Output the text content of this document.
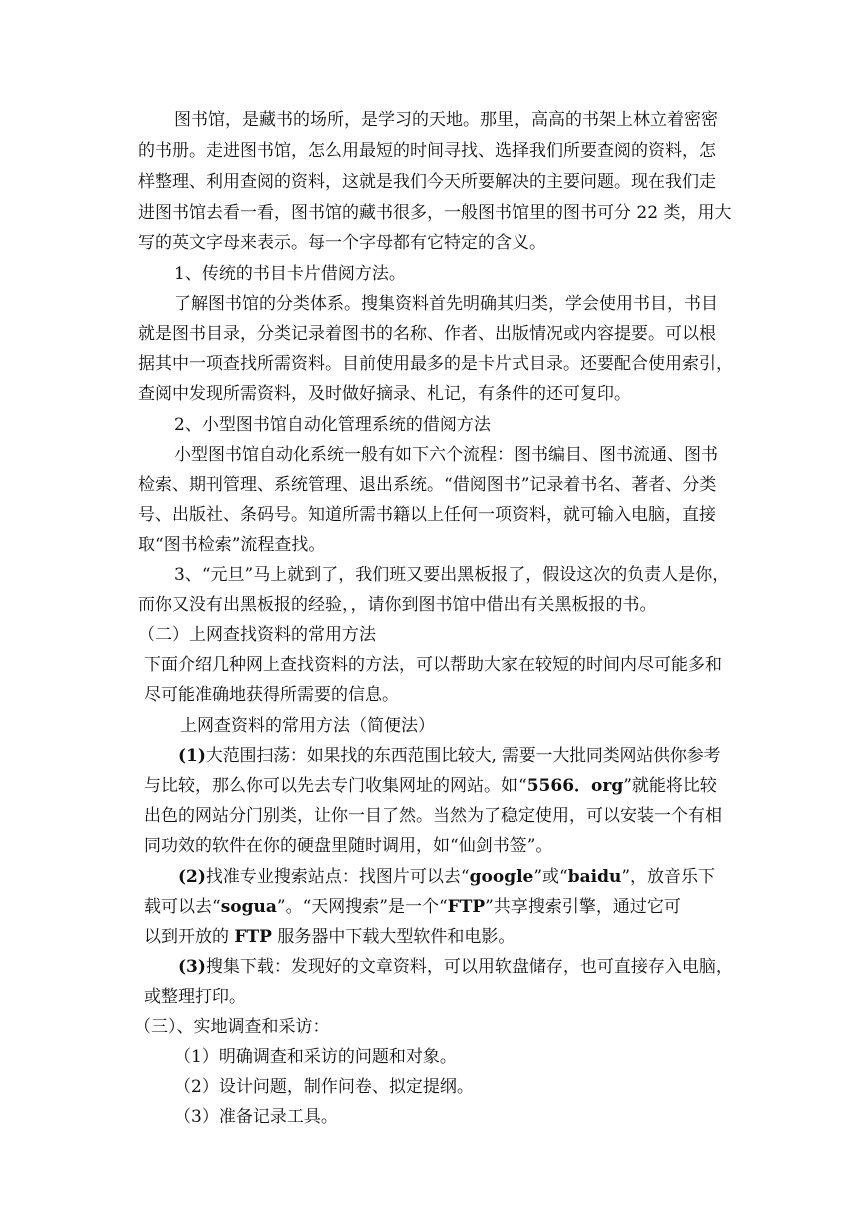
图书馆，是藏书的场所，是学习的天地。那里，高高的书架上林立着密密
的书册。走进图书馆，怎么用最短的时间寻找、选择我们所要查阅的资料，怎
样整理、利用查阅的资料，这就是我们今天所要解决的主要问题。现在我们走
进图书馆去看一看，图书馆的藏书很多，一般图书馆里的图书可分 22 类，用大
写的英文字母来表示。每一个字母都有它特定的含义。
1、传统的书目卡片借阅方法。
了解图书馆的分类体系。搜集资料首先明确其归类，学会使用书目，书目
就是图书目录，分类记录着图书的名称、作者、出版情况或内容提要。可以根
据其中一项查找所需资料。目前使用最多的是卡片式目录。还要配合使用索引，
查阅中发现所需资料，及时做好摘录、札记，有条件的还可复印。
2、小型图书馆自动化管理系统的借阅方法
小型图书馆自动化系统一般有如下六个流程：图书编目、图书流通、图书
检索、期刊管理、系统管理、退出系统。“借阅图书”记录着书名、著者、分类
号、出版社、条码号。知道所需书籍以上任何一项资料，就可输入电脑，直接
取“图书检索”流程查找。
3、“元旦”马上就到了，我们班又要出黑板报了，假设这次的负责人是你，
而你又没有出黑板报的经验，，请你到图书馆中借出有关黑板报的书。
（二）上网查找资料的常用方法
下面介绍几种网上查找资料的方法，可以帮助大家在较短的时间内尽可能多和
尽可能准确地获得所需要的信息。
上网查资料的常用方法（简便法）
(1)大范围扫荡：如果找的东西范围比较大, 需要一大批同类网站供你参考
与比较，那么你可以先去专门收集网址的网站。如“5566．org”就能将比较
出色的网站分门别类，让你一目了然。当然为了稳定使用，可以安装一个有相
同功效的软件在你的硬盘里随时调用，如“仙剑书签”。
(2)找准专业搜索站点：找图片可以去“google”或“baidu”，放音乐下
载可以去“sogua”。“天网搜索”是一个“FTP”共享搜索引擎，通过它可
以到开放的 FTP 服务器中下载大型软件和电影。
(3)搜集下载：发现好的文章资料，可以用软盘储存，也可直接存入电脑，
或整理打印。
（三）、实地调查和采访：
（1）明确调查和采访的问题和对象。
（2）设计问题，制作问卷、拟定提纲。
（3）准备记录工具。
